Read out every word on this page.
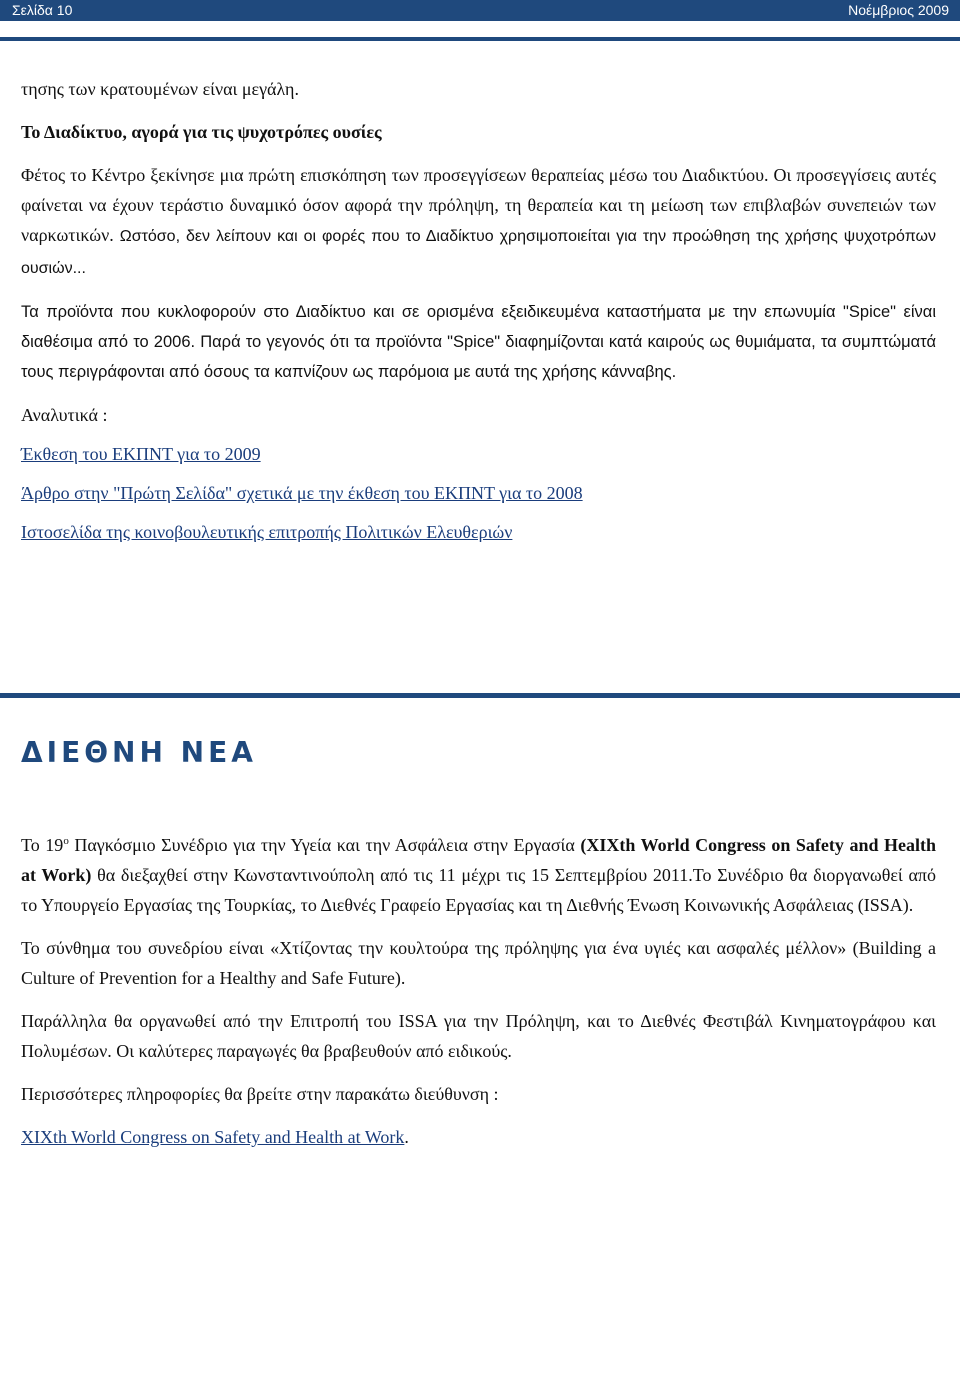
Σελίδα 10	Νοέμβριος 2009

τησης των κρατουμένων είναι μεγάλη.

Το Διαδίκτυο, αγορά για τις ψυχοτρόπες ουσίες

Φέτος το Κέντρο ξεκίνησε μια πρώτη επισκόπηση των προσεγγίσεων θεραπείας μέσω του Διαδικτύου. Οι προσεγγίσεις αυτές φαίνεται να έχουν τεράστιο δυναμικό όσον αφορά την πρόληψη, τη θεραπεία και τη μείωση των επιβλαβών συνεπειών των ναρκωτικών. Ωστόσο, δεν λείπουν και οι φορές που το Διαδίκτυο χρησιμοποιείται για την προώθηση της χρήσης ψυχοτρόπων ουσιών...

Τα προϊόντα που κυκλοφορούν στο Διαδίκτυο και σε ορισμένα εξειδικευμένα καταστήματα με την επωνυμία "Spice" είναι διαθέσιμα από το 2006. Παρά το γεγονός ότι τα προϊόντα "Spice" διαφημίζονται κατά καιρούς ως θυμιάματα, τα συμπτώματά τους περιγράφονται από όσους τα καπνίζουν ως παρόμοια με αυτά της χρήσης κάνναβης.

Αναλυτικά :

Έκθεση του ΕΚΠΝΤ για το 2009

Άρθρο στην "Πρώτη Σελίδα" σχετικά με την έκθεση του ΕΚΠΝΤ για το 2008

Ιστοσελίδα της κοινοβουλευτικής επιτροπής Πολιτικών Ελευθεριών

ΔΙΕΘΝΗ ΝΕΑ

Το $19^o$ Παγκόσμιο Συνέδριο για την Υγεία και την Ασφάλεια στην Εργασία (XIXth World Congress on Safety and Health at Work) θα διεξαχθεί στην Κωνσταντινούπολη από τις 11 μέχρι τις 15 Σεπτεμβρίου 2011.Το Συνέδριο θα διοργανωθεί από το Υπουργείο Εργασίας της Τουρκίας, το Διεθνές Γραφείο Εργασίας και τη Διεθνής Ένωση Κοινωνικής Ασφάλειας (ISSA).

Το σύνθημα του συνεδρίου είναι «Χτίζοντας την κουλτούρα της πρόληψης για ένα υγιές και ασφαλές μέλλον» (Building a Culture of Prevention for a Healthy and Safe Future).

Παράλληλα θα οργανωθεί από την Επιτροπή του ISSA για την Πρόληψη, και το Διεθνές Φεστιβάλ Κινηματογράφου και Πολυμέσων. Οι καλύτερες παραγωγές θα βραβευθούν από ειδικούς.

Περισσότερες πληροφορίες θα βρείτε στην παρακάτω διεύθυνση :

XIXth World Congress on Safety and Health at Work.
